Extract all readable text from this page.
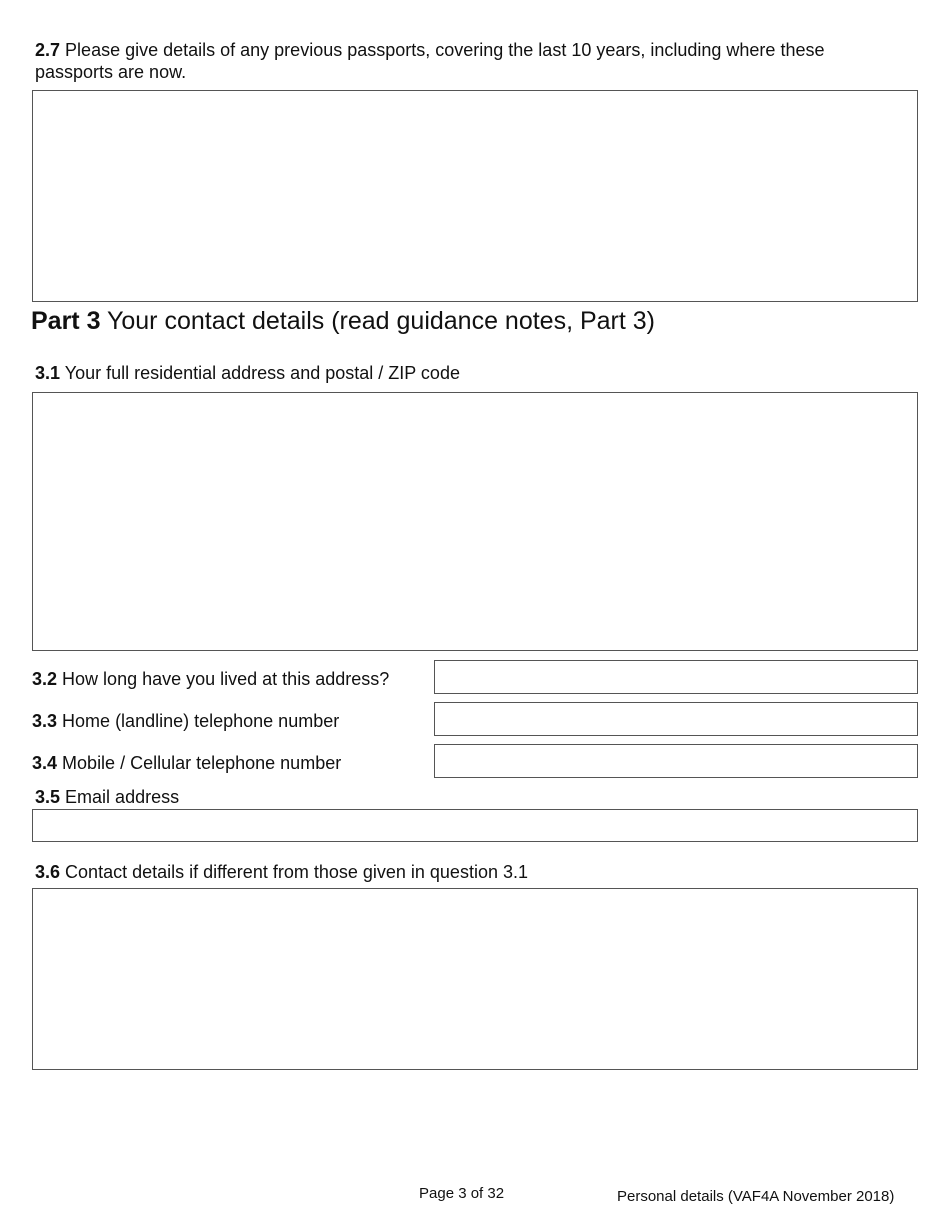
2.7 Please give details of any previous passports, covering the last 10 years, including where these
passports are now.
Part 3 Your contact details (read guidance notes, Part 3)
3.1 Your full residential address and postal / ZIP code
3.2 How long have you lived at this address?
3.3 Home (landline) telephone number
3.4 Mobile / Cellular telephone number
3.5 Email address
3.6 Contact details if different from those given in question 3.1
Page 3 of 32	Personal details (VAF4A November 2018)
